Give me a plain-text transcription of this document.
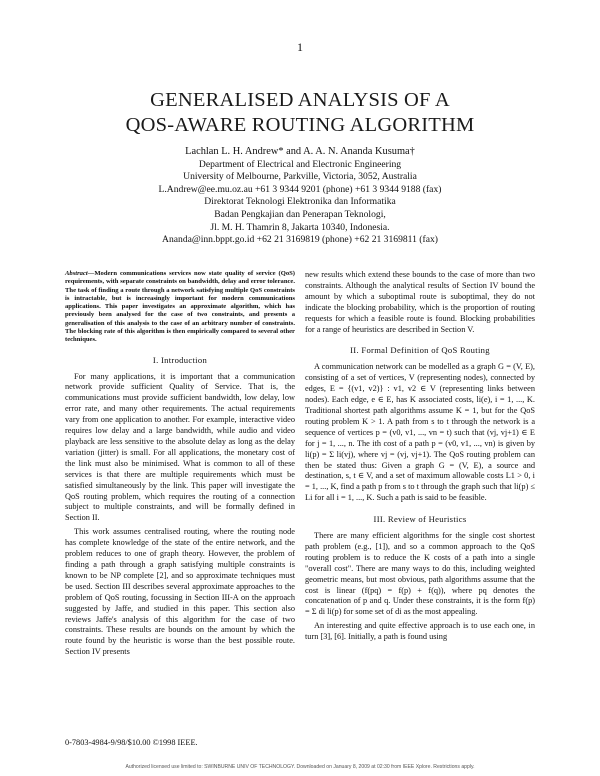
1
GENERALISED ANALYSIS OF A
QOS-AWARE ROUTING ALGORITHM
Lachlan L. H. Andrew* and A. A. N. Ananda Kusuma†
Department of Electrical and Electronic Engineering
University of Melbourne, Parkville, Victoria, 3052, Australia
L.Andrew@ee.mu.oz.au +61 3 9344 9201 (phone) +61 3 9344 9188 (fax)
Direktorat Teknologi Elektronika dan Informatika
Badan Pengkajian dan Penerapan Teknologi,
Jl. M. H. Thamrin 8, Jakarta 10340, Indonesia.
Ananda@inn.bppt.go.id +62 21 3169819 (phone) +62 21 3169811 (fax)

Abstract—Modern communications services now state quality of service (QoS) requirements, with separate constraints on bandwidth, delay and error tolerance. The task of finding a route through a network satisfying multiple QoS constraints is intractable, but is increasingly important for modern communications applications. This paper investigates an approximate algorithm, which has previously been analysed for the case of two constraints, and presents a generalisation of this analysis to the case of an arbitrary number of constraints. The blocking rate of this algorithm is then empirically compared to several other techniques.

I. Introduction

For many applications, it is important that a communication network provide sufficient Quality of Service. That is, the communications must provide sufficient bandwidth, low delay, low error rate, and many other requirements. The actual requirements vary from one application to another. For example, interactive video requires low delay and a large bandwidth, while audio and video playback are less sensitive to the absolute delay as long as the delay variation (jitter) is small. For all applications, the monetary cost of the link must also be minimised. What is common to all of these services is that there are multiple requirements which must be satisfied simultaneously by the link. This paper will investigate the QoS routing problem, which requires the routing of a connection subject to multiple constraints, and will be formally defined in Section II.

This work assumes centralised routing, where the routing node has complete knowledge of the state of the entire network, and the problem reduces to one of graph theory. However, the problem of finding a path through a graph satisfying multiple constraints is known to be NP complete [2], and so approximate techniques must be used. Section III describes several approximate approaches to the problem of QoS routing, focussing in Section III-A on the approach suggested by Jaffe, and studied in this paper. This section also reviews Jaffe's analysis of this algorithm for the case of two constraints. These results are bounds on the amount by which the route found by the heuristic is worse than the best possible route. Section IV presents

new results which extend these bounds to the case of more than two constraints. Although the analytical results of Section IV bound the amount by which a suboptimal route is suboptimal, they do not indicate the blocking probability, which is the proportion of routing requests for which a feasible route is found. Blocking probabilities for a range of heuristics are described in Section V.

II. Formal Definition of QoS Routing

A communication network can be modelled as a graph G = (V, E), consisting of a set of vertices, V (representing nodes), connected by edges, E = {(v1, v2)} : v1, v2 ∈ V (representing links between nodes). Each edge, e ∈ E, has K associated costs, li(e), i = 1, ..., K. Traditional shortest path algorithms assume K = 1, but for the QoS routing problem K > 1. A path from s to t through the network is a sequence of vertices p = (v0, v1, ..., vn = t) such that (vj, vj+1) ∈ E for j = 1, ..., n. The ith cost of a path p = (v0, v1, ..., vn) is given by li(p) = Σ li(vj), where vj = (vj, vj+1). The QoS routing problem can then be stated thus: Given a graph G = (V, E), a source and destination, s, t ∈ V, and a set of maximum allowable costs L1 > 0, i = 1, ..., K, find a path p from s to t through the graph such that li(p) ≤ Li for all i = 1, ..., K. Such a path is said to be feasible.

III. Review of Heuristics

There are many efficient algorithms for the single cost shortest path problem (e.g., [1]), and so a common approach to the QoS routing problem is to reduce the K costs of a path into a single "overall cost". There are many ways to do this, including weighted geometric means, but most obvious, path algorithms assume that the cost is linear (f(pq) = f(p) + f(q)), where pq denotes the concatenation of p and q. Under these constraints, it is the form f(p) = Σ di li(p) for some set of di as the most appealing.

An interesting and quite effective approach is to use each one, in turn [3], [6]. Initially, a path is found using

0-7803-4984-9/98/$10.00 ©1998 IEEE.
Authorized licensed use limited to: SWINBURNE UNIV OF TECHNOLOGY. Downloaded on January 8, 2009 at 02:30 from IEEE Xplore. Restrictions apply.
